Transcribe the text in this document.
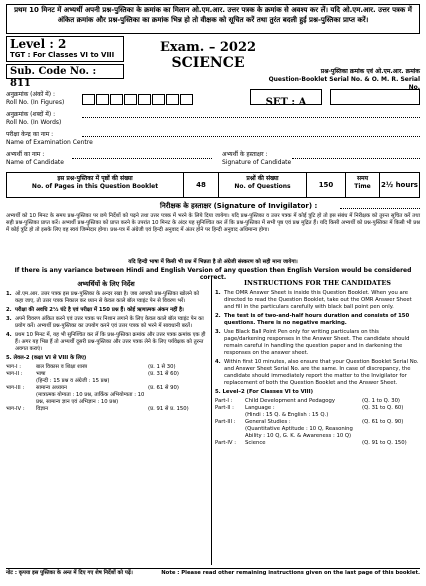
प्रथम 10 मिनट में अभ्यर्थी अपनी प्रश्न-पुस्तिका के क्रमांक का मिलान ओ.एम.आर. उत्तर पत्रक के क्रमांक से अवश्य कर लें। यदि ओ.एम.आर. उत्तर पत्रक में अंकित क्रमांक और प्रश्न-पुस्तिका का क्रमांक भिन्न हो तो वीक्षक को सूचित करें तथा तुरंत बदली हुई प्रश्न-पुस्तिका प्राप्त करें।
Level : 2
TGT : For Classes VI to VIII
Sub. Code No. : 811
Exam. – 2022
SCIENCE
प्रश्न-पुस्तिका क्रमांक एवं ओ.एम.आर. क्रमांक
Question-Booklet Serial No. & O. M. R. Serial No.
अनुक्रमांक (अंकों में) :
Roll No. (In Figures)	SET : A
अनुक्रमांक (शब्दों में) :
Roll No. (In Words)
परीक्षा केन्द्र का नाम :
Name of Examination Centre
अभ्यर्थी का नाम :
Name of Candidate
अभ्यर्थी के हस्ताक्षर :
Signature of Candidate
इस प्रश्न-पुस्तिका में पृष्ठों की संख्या
No. of Pages in this Question Booklet	48
प्रश्नों की संख्या
No. of Questions	150
समय
Time	2½ hours
निरीक्षक के हस्ताक्षर (Signature of Invigilator) :
अभ्यर्थी को 10 मिनट के समय प्रश्न-पुस्तिका पर छपे निर्देशों को पढ़ने तथा उत्तर पत्रक में भरने के लिये दिया जायेगा। यदि प्रश्न-पुस्तिका व उत्तर पत्रक में कोई त्रुटि हो तो इस संबंध में निरीक्षक को तुरन्त सूचित करें तथा सही प्रश्न-पुस्तिका प्राप्त करें। अभ्यर्थी प्रश्न-पुस्तिका को प्राप्त करने के उपरांत 10 मिनट के अंदर यह सुनिश्चित कर लें कि प्रश्न-पुस्तिका में सभी पृष्ठ एवं प्रश्न मुद्रित हैं। यदि किसी अभ्यर्थी को प्रश्न-पुस्तिका में किसी भी प्रश्न में कोई त्रुटि हो तो इसके लिए वह स्वयं जिम्मेदार होगा। प्रश्न-पत्र में अंग्रेजी एवं हिन्दी अनुवाद में अंतर होने पर हिन्दी अनुवाद अधिमान्य होगा।
यदि हिन्दी भाषा में किसी भी प्रश्न में भिन्नता है तो अंग्रेजी संस्करण को सही माना जायेगा।
If there is any variance between Hindi and English Version of any question then English Version would be considered correct.
अभ्यर्थियों के लिए निर्देश
1. ओ.एम.आर. उत्तर पत्रक इस प्रश्न-पुस्तिका के अन्दर रखा है। जब आपको प्रश्न-पुस्तिका खोलने को कहा जाए, तो उत्तर पत्रक निकाल कर ध्यान से केवल काले बॉल प्वाइंट पेन से विवरण भरें।
2. परीक्षा की अवधि 2½ घंटे है एवं परीक्षा में 150 प्रश्न हैं। कोई ऋणात्मक अंकन नहीं है।
3. अपने विवरण अंकित करने एवं उत्तर पत्रक पर निशान लगाने के लिए केवल काले बॉल प्वाइंट पेन का प्रयोग करें। अभ्यर्थी प्रश्न-पुस्तिका का उपयोग करने एवं उत्तर पत्रक को भरने में सावधानी बरतें।
4. प्रथम 10 मिनट में, यह भी सुनिश्चित कर लें कि प्रश्न-पुस्तिका क्रमांक और उत्तर पत्रक क्रमांक एक ही हैं। अगर यह भिन्न हैं तो अभ्यर्थी दूसरी प्रश्न-पुस्तिका और उत्तर पत्रक लेने के लिए पर्यवेक्षक को तुरन्त अवगत कराएं।
5. लेवल-2 (कक्षा VI से VIII के लिए)
भाग-I :	बाल विकास व शिक्षा शास्त्र	(प्र. 1 से 30)
भाग-II :	भाषा	(प्र. 31 से 60)
(हिन्दी : 15 प्रश्न व अंग्रेजी : 15 प्रश्न)
भाग-III :	सामान्य अध्ययन	(प्र. 61 से 90)
(मात्रात्मक योग्यता : 10 प्रश्न, तार्किक अभियोग्यता : 10 प्रश्न, सामान्य ज्ञान एवं अभिज्ञान : 10 प्रश्न)
भाग-IV :	विज्ञान	(प्र. 91 से प्र. 150)
INSTRUCTIONS FOR THE CANDIDATES
1. The OMR Answer Sheet is inside this Question Booklet. When you are directed to read the Question Booklet, take out the OMR Answer Sheet and fill in the particulars carefully with black ball point pen only.
2. The test is of two-and-half hours duration and consists of 150 questions. There is no negative marking.
3. Use Black Ball Point Pen only for writing particulars on this page/darkening responses in the Answer Sheet. The candidate should remain careful in handling the question paper and in darkening the responses on the answer sheet.
4. Within first 10 minutes, also ensure that your Question Booklet Serial No. and Answer Sheet Serial No. are the same. In case of discrepancy, the candidate should immediately report the matter to the Invigilator for replacement of both the Question Booklet and the Answer Sheet.
5. Level–2 (For Classes VI to VIII)
Part-I :	Child Development and Pedagogy	(Q. 1 to Q. 30)
Part-II :	Language :	(Q. 31 to Q. 60)
(Hindi : 15 Q. & English : 15 Q.)
Part-III :	General Studies :	(Q. 61 to Q. 90)
(Quantitative Aptitude : 10 Q, Reasoning Ability : 10 Q, G. K. & Awareness : 10 Q)
Part-IV :	Science	(Q. 91 to Q. 150)
नोट : कृपया इस पुस्तिका के अन्त में दिए गए शेष निर्देशों को पढ़ें।	Note : Please read other remaining instructions given on the last page of this booklet.
